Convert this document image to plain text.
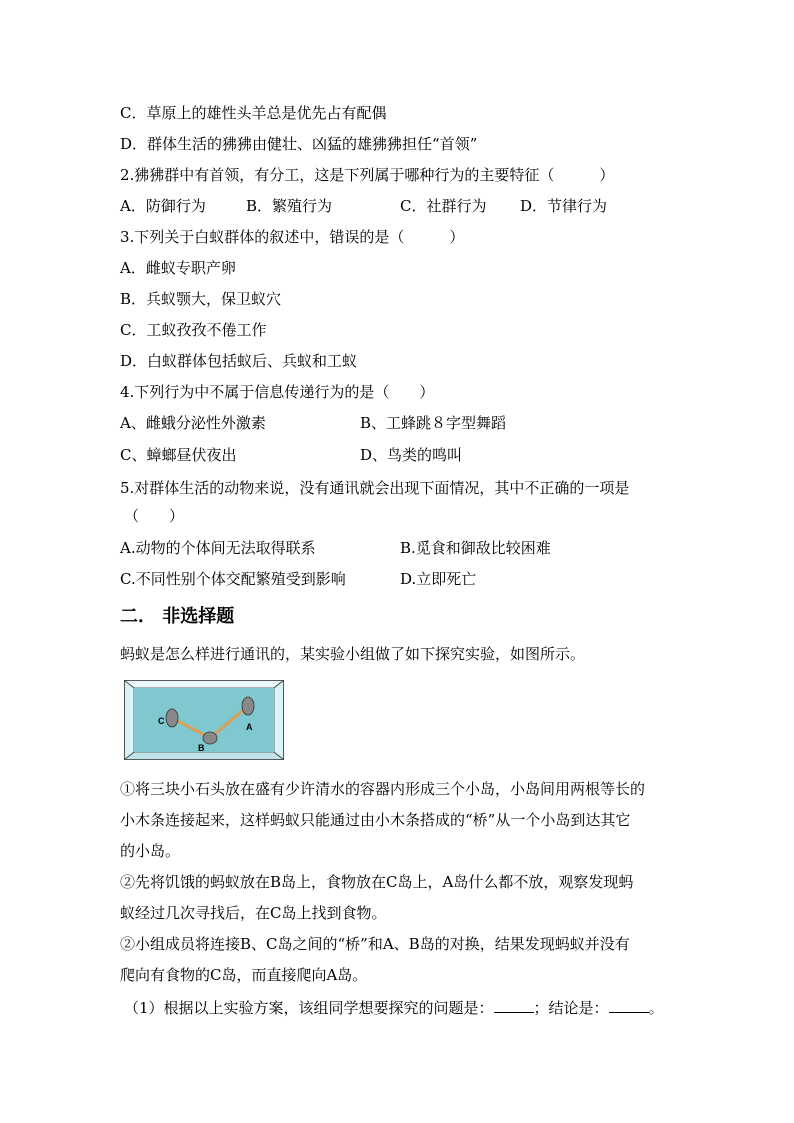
C．草原上的雄性头羊总是优先占有配偶
D．群体生活的狒狒由健壮、凶猛的雄狒狒担任“首领”
2.狒狒群中有首领，有分工，这是下列属于哪种行为的主要特征（　　　）
A．防御行为	B．繁殖行为	C．社群行为 D．节律行为
3.下列关于白蚁群体的叙述中，错误的是（　　　）
A．雌蚁专职产卵
B．兵蚁颚大，保卫蚁穴
C．工蚁孜孜不倦工作
D．白蚁群体包括蚁后、兵蚁和工蚁
4.下列行为中不属于信息传递行为的是（　　）
A、雌蛾分泌性外激素	B、工蜂跳８字型舞蹈
C、蟑螂昼伏夜出	D、鸟类的鸣叫
5.对群体生活的动物来说，没有通讯就会出现下面情况，其中不正确的一项是
（　　）
A.动物的个体间无法取得联系	B.觅食和御敌比较困难
C.不同性别个体交配繁殖受到影响	D.立即死亡
二． 非选择题
蚂蚁是怎么样进行通讯的，某实验小组做了如下探究实验，如图所示。
C
B
A
①将三块小石头放在盛有少许清水的容器内形成三个小岛，小岛间用两根等长的
小木条连接起来，这样蚂蚁只能通过由小木条搭成的“桥”从一个小岛到达其它
的小岛。
②先将饥饿的蚂蚁放在B岛上，食物放在C岛上，A岛什么都不放，观察发现蚂
蚁经过几次寻找后，在C岛上找到食物。
②小组成员将连接B、C岛之间的“桥”和A、B岛的对换，结果发现蚂蚁并没有
爬向有食物的C岛，而直接爬向A岛。
（1）根据以上实验方案，该组同学想要探究的问题是：	；结论是：	。
